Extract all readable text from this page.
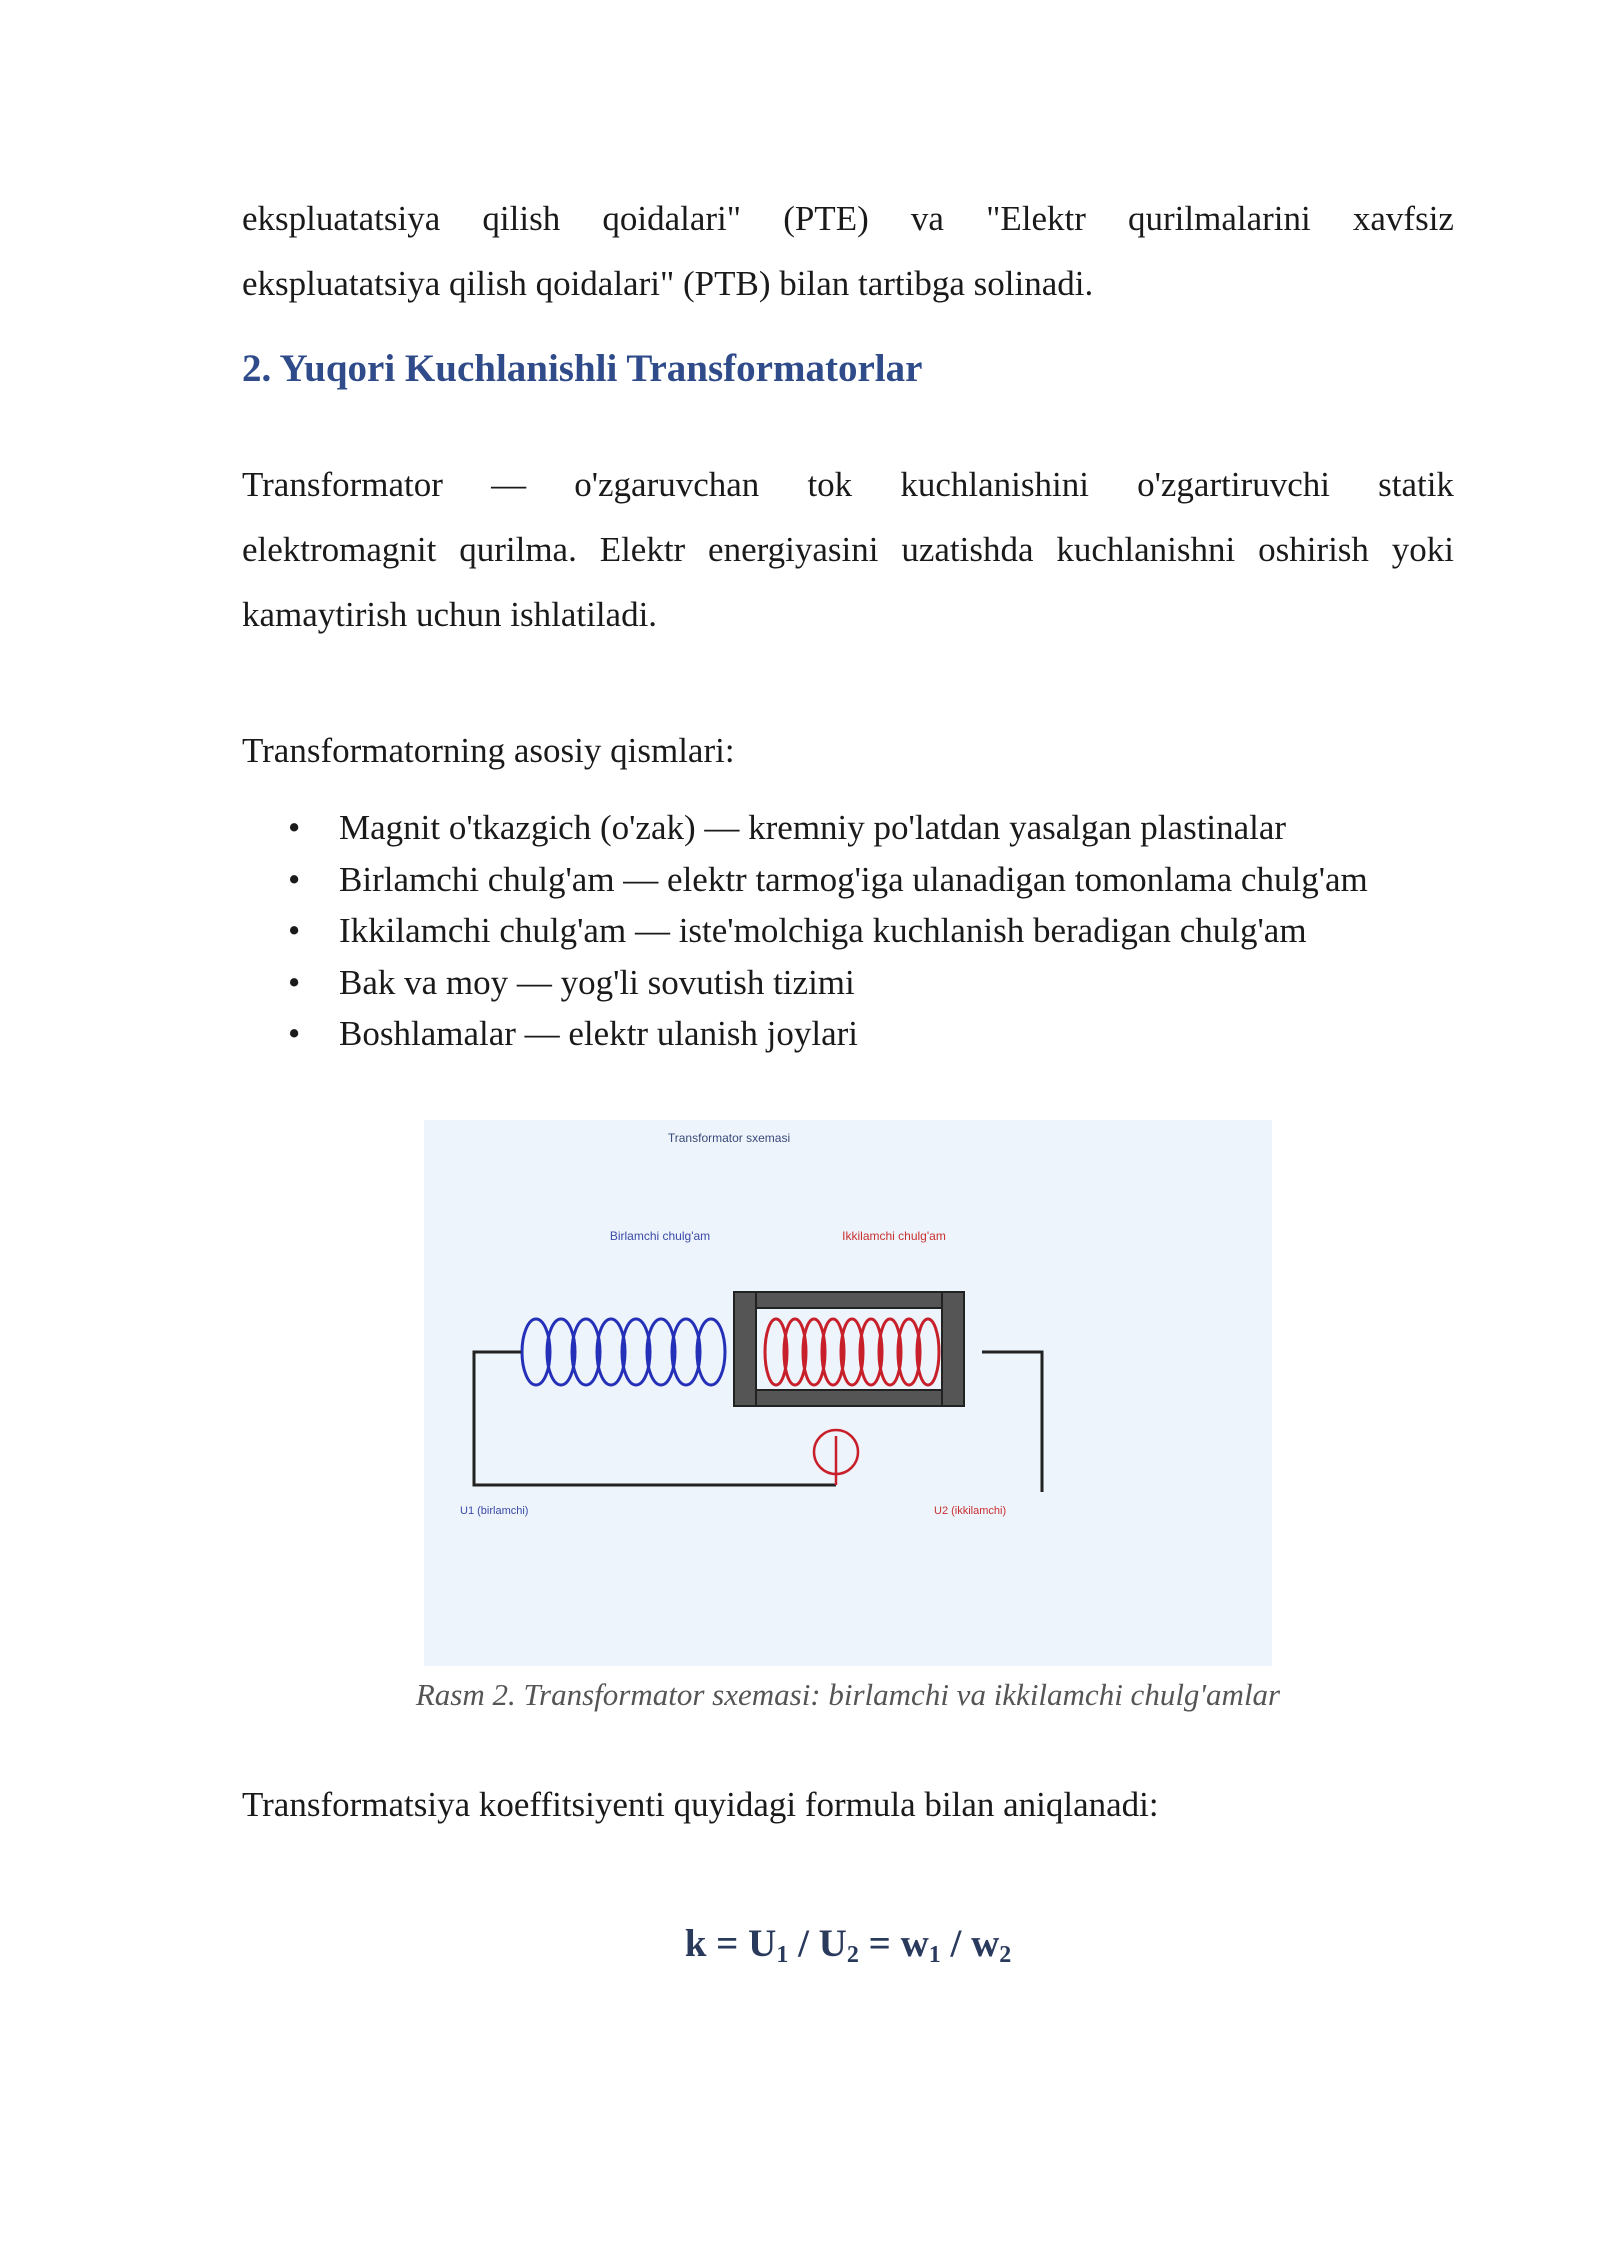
ekspluatatsiya qilish qoidalari" (PTE) va "Elektr qurilmalarini xavfsiz
ekspluatatsiya qilish qoidalari" (PTB) bilan tartibga solinadi.
2. Yuqori Kuchlanishli Transformatorlar
Transformator — o'zgaruvchan tok kuchlanishini o'zgartiruvchi statik
elektromagnit qurilma. Elektr energiyasini uzatishda kuchlanishni oshirish yoki
kamaytirish uchun ishlatiladi.
Transformatorning asosiy qismlari:
• Magnit o'tkazgich (o'zak) — kremniy po'latdan yasalgan plastinalar
• Birlamchi chulg'am — elektr tarmog'iga ulanadigan tomonlama chulg'am
• Ikkilamchi chulg'am — iste'molchiga kuchlanish beradigan chulg'am
• Bak va moy — yog'li sovutish tizimi
• Boshlamalar — elektr ulanish joylari
Transformator sxemasi
Birlamchi chulg'am	Ikkilamchi chulg'am
U1 (birlamchi)	U2 (ikkilamchi)
Rasm 2. Transformator sxemasi: birlamchi va ikkilamchi chulg'amlar
Transformatsiya koeffitsiyenti quyidagi formula bilan aniqlanadi:
$k = U_1 / U_2 = w_1 / w_2$
